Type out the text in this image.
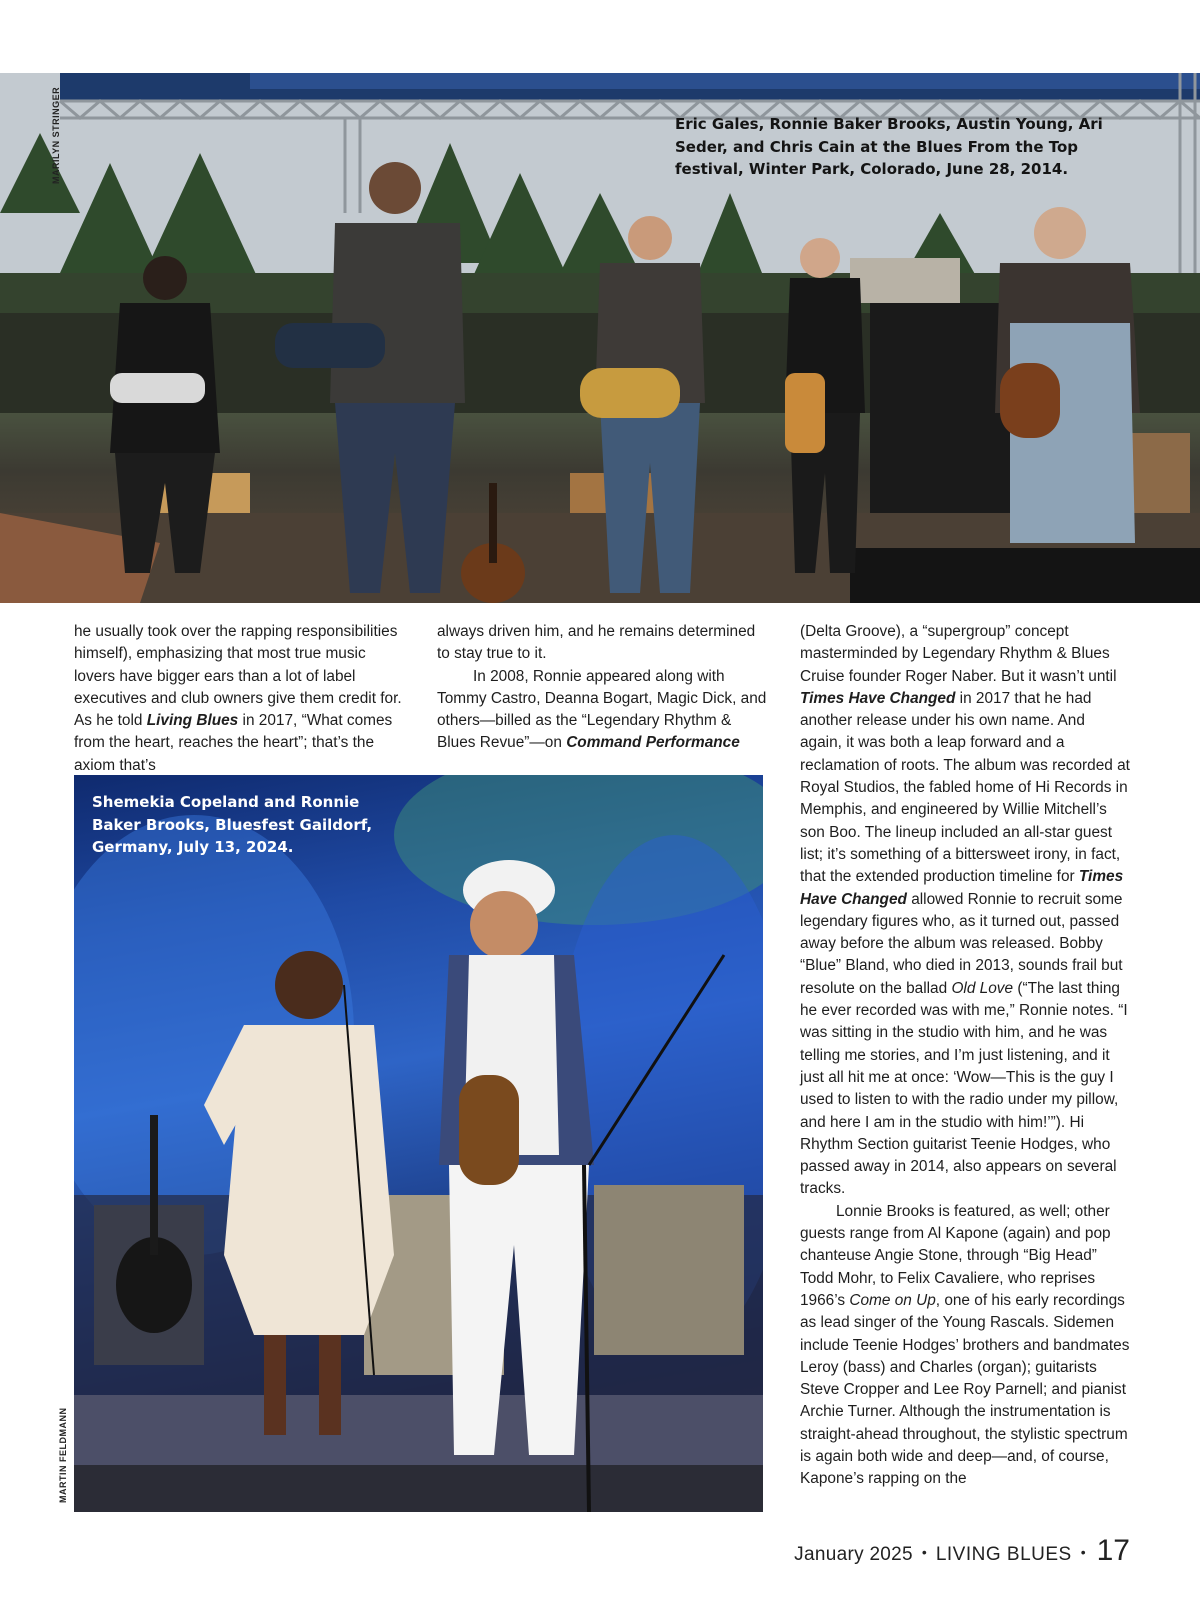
MARILYN STRINGER	Eric Gales, Ronnie Baker Brooks, Austin Young, Ari Seder, and Chris Cain at the Blues From the Top festival, Winter Park, Colorado, June 28, 2014.

he usually took over the rapping responsibilities himself), emphasizing that most true music lovers have bigger ears than a lot of label executives and club owners give them credit for. As he told Living Blues in 2017, “What comes from the heart, reaches the heart”; that’s the axiom that’s

always driven him, and he remains determined to stay true to it.

In 2008, Ronnie appeared along with Tommy Castro, Deanna Bogart, Magic Dick, and others—billed as the “Legendary Rhythm & Blues Revue”—on Command Performance

Shemekia Copeland and Ronnie Baker Brooks, Bluesfest Gaildorf, Germany, July 13, 2024.
MARTIN FELDMANN

(Delta Groove), a “supergroup” concept masterminded by Legendary Rhythm & Blues Cruise founder Roger Naber. But it wasn’t until Times Have Changed in 2017 that he had another release under his own name. And again, it was both a leap forward and a reclamation of roots. The album was recorded at Royal Studios, the fabled home of Hi Records in Memphis, and engineered by Willie Mitchell’s son Boo. The lineup included an all-star guest list; it’s something of a bittersweet irony, in fact, that the extended production timeline for Times Have Changed allowed Ronnie to recruit some legendary figures who, as it turned out, passed away before the album was released. Bobby “Blue” Bland, who died in 2013, sounds frail but resolute on the ballad Old Love (“The last thing he ever recorded was with me,” Ronnie notes. “I was sitting in the studio with him, and he was telling me stories, and I’m just listening, and it just all hit me at once: ‘Wow—This is the guy I used to listen to with the radio under my pillow, and here I am in the studio with him!’”). Hi Rhythm Section guitarist Teenie Hodges, who passed away in 2014, also appears on several tracks.

Lonnie Brooks is featured, as well; other guests range from Al Kapone (again) and pop chanteuse Angie Stone, through “Big Head” Todd Mohr, to Felix Cavaliere, who reprises 1966’s Come on Up, one of his early recordings as lead singer of the Young Rascals. Sidemen include Teenie Hodges’ brothers and bandmates Leroy (bass) and Charles (organ); guitarists Steve Cropper and Lee Roy Parnell; and pianist Archie Turner. Although the instrumentation is straight-ahead throughout, the stylistic spectrum is again both wide and deep—and, of course, Kapone’s rapping on the

January 2025 • LIVING BLUES • 17
